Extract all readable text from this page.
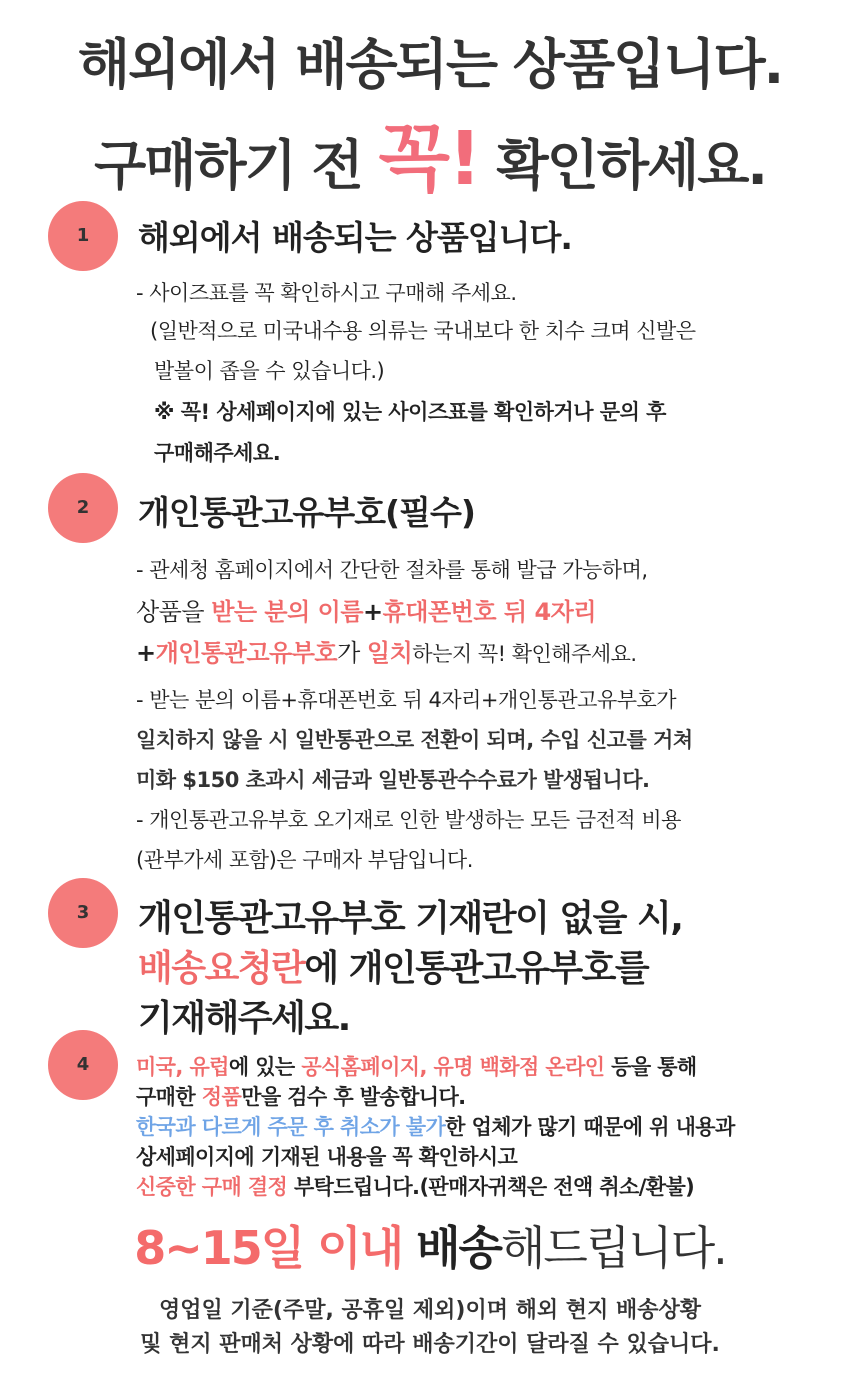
해외에서 배송되는 상품입니다.
구매하기 전 꼭! 확인하세요.
1	해외에서 배송되는 상품입니다.
- 사이즈표를 꼭 확인하시고 구매해 주세요.
(일반적으로 미국내수용 의류는 국내보다 한 치수 크며 신발은
발볼이 좁을 수 있습니다.)
※ 꼭! 상세페이지에 있는 사이즈표를 확인하거나 문의 후
구매해주세요.
2	개인통관고유부호(필수)
- 관세청 홈페이지에서 간단한 절차를 통해 발급 가능하며,
상품을 받는 분의 이름+휴대폰번호 뒤 4자리
+개인통관고유부호가 일치하는지 꼭! 확인해주세요.
- 받는 분의 이름+휴대폰번호 뒤 4자리+개인통관고유부호가
일치하지 않을 시 일반통관으로 전환이 되며, 수입 신고를 거쳐
미화 $150 초과시 세금과 일반통관수수료가 발생됩니다.
- 개인통관고유부호 오기재로 인한 발생하는 모든 금전적 비용
(관부가세 포함)은 구매자 부담입니다.
3	개인통관고유부호 기재란이 없을 시,
배송요청란에 개인통관고유부호를
기재해주세요.
4	미국, 유럽에 있는 공식홈페이지, 유명 백화점 온라인 등을 통해
구매한 정품만을 검수 후 발송합니다.
한국과 다르게 주문 후 취소가 불가한 업체가 많기 때문에 위 내용과
상세페이지에 기재된 내용을 꼭 확인하시고
신중한 구매 결정 부탁드립니다.(판매자귀책은 전액 취소/환불)
8~15일 이내 배송해드립니다.
영업일 기준(주말, 공휴일 제외)이며 해외 현지 배송상황
및 현지 판매처 상황에 따라 배송기간이 달라질 수 있습니다.
